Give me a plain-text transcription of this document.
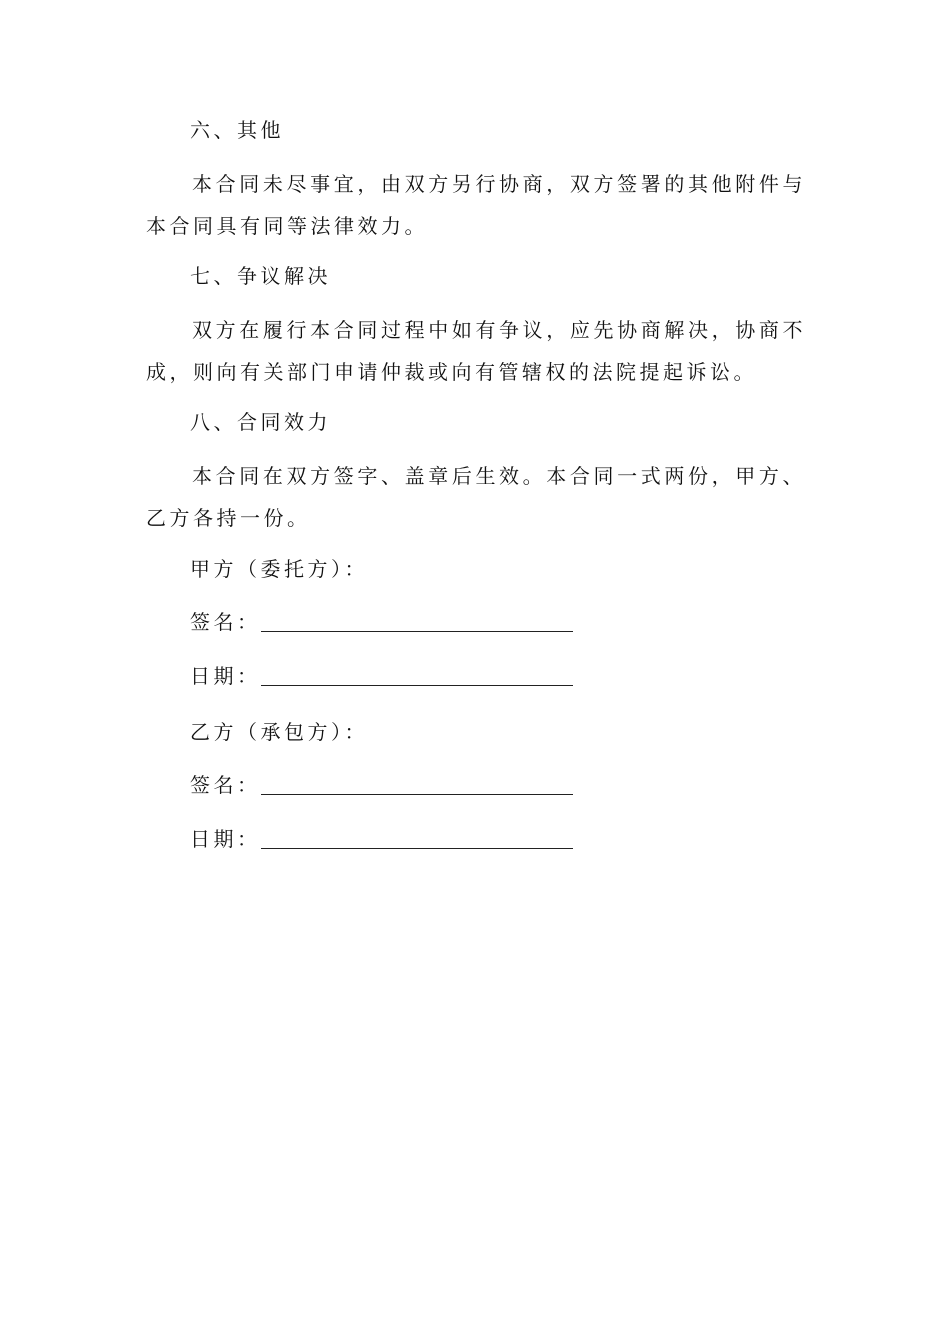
六、其他
本合同未尽事宜，由双方另行协商，双方签署的其他附件与本合同具有同等法律效力。
七、争议解决
双方在履行本合同过程中如有争议，应先协商解决，协商不成，则向有关部门申请仲裁或向有管辖权的法院提起诉讼。
八、合同效力
本合同在双方签字、盖章后生效。本合同一式两份，甲方、乙方各持一份。
甲方（委托方）：
签名：
日期：
乙方（承包方）：
签名：
日期：
